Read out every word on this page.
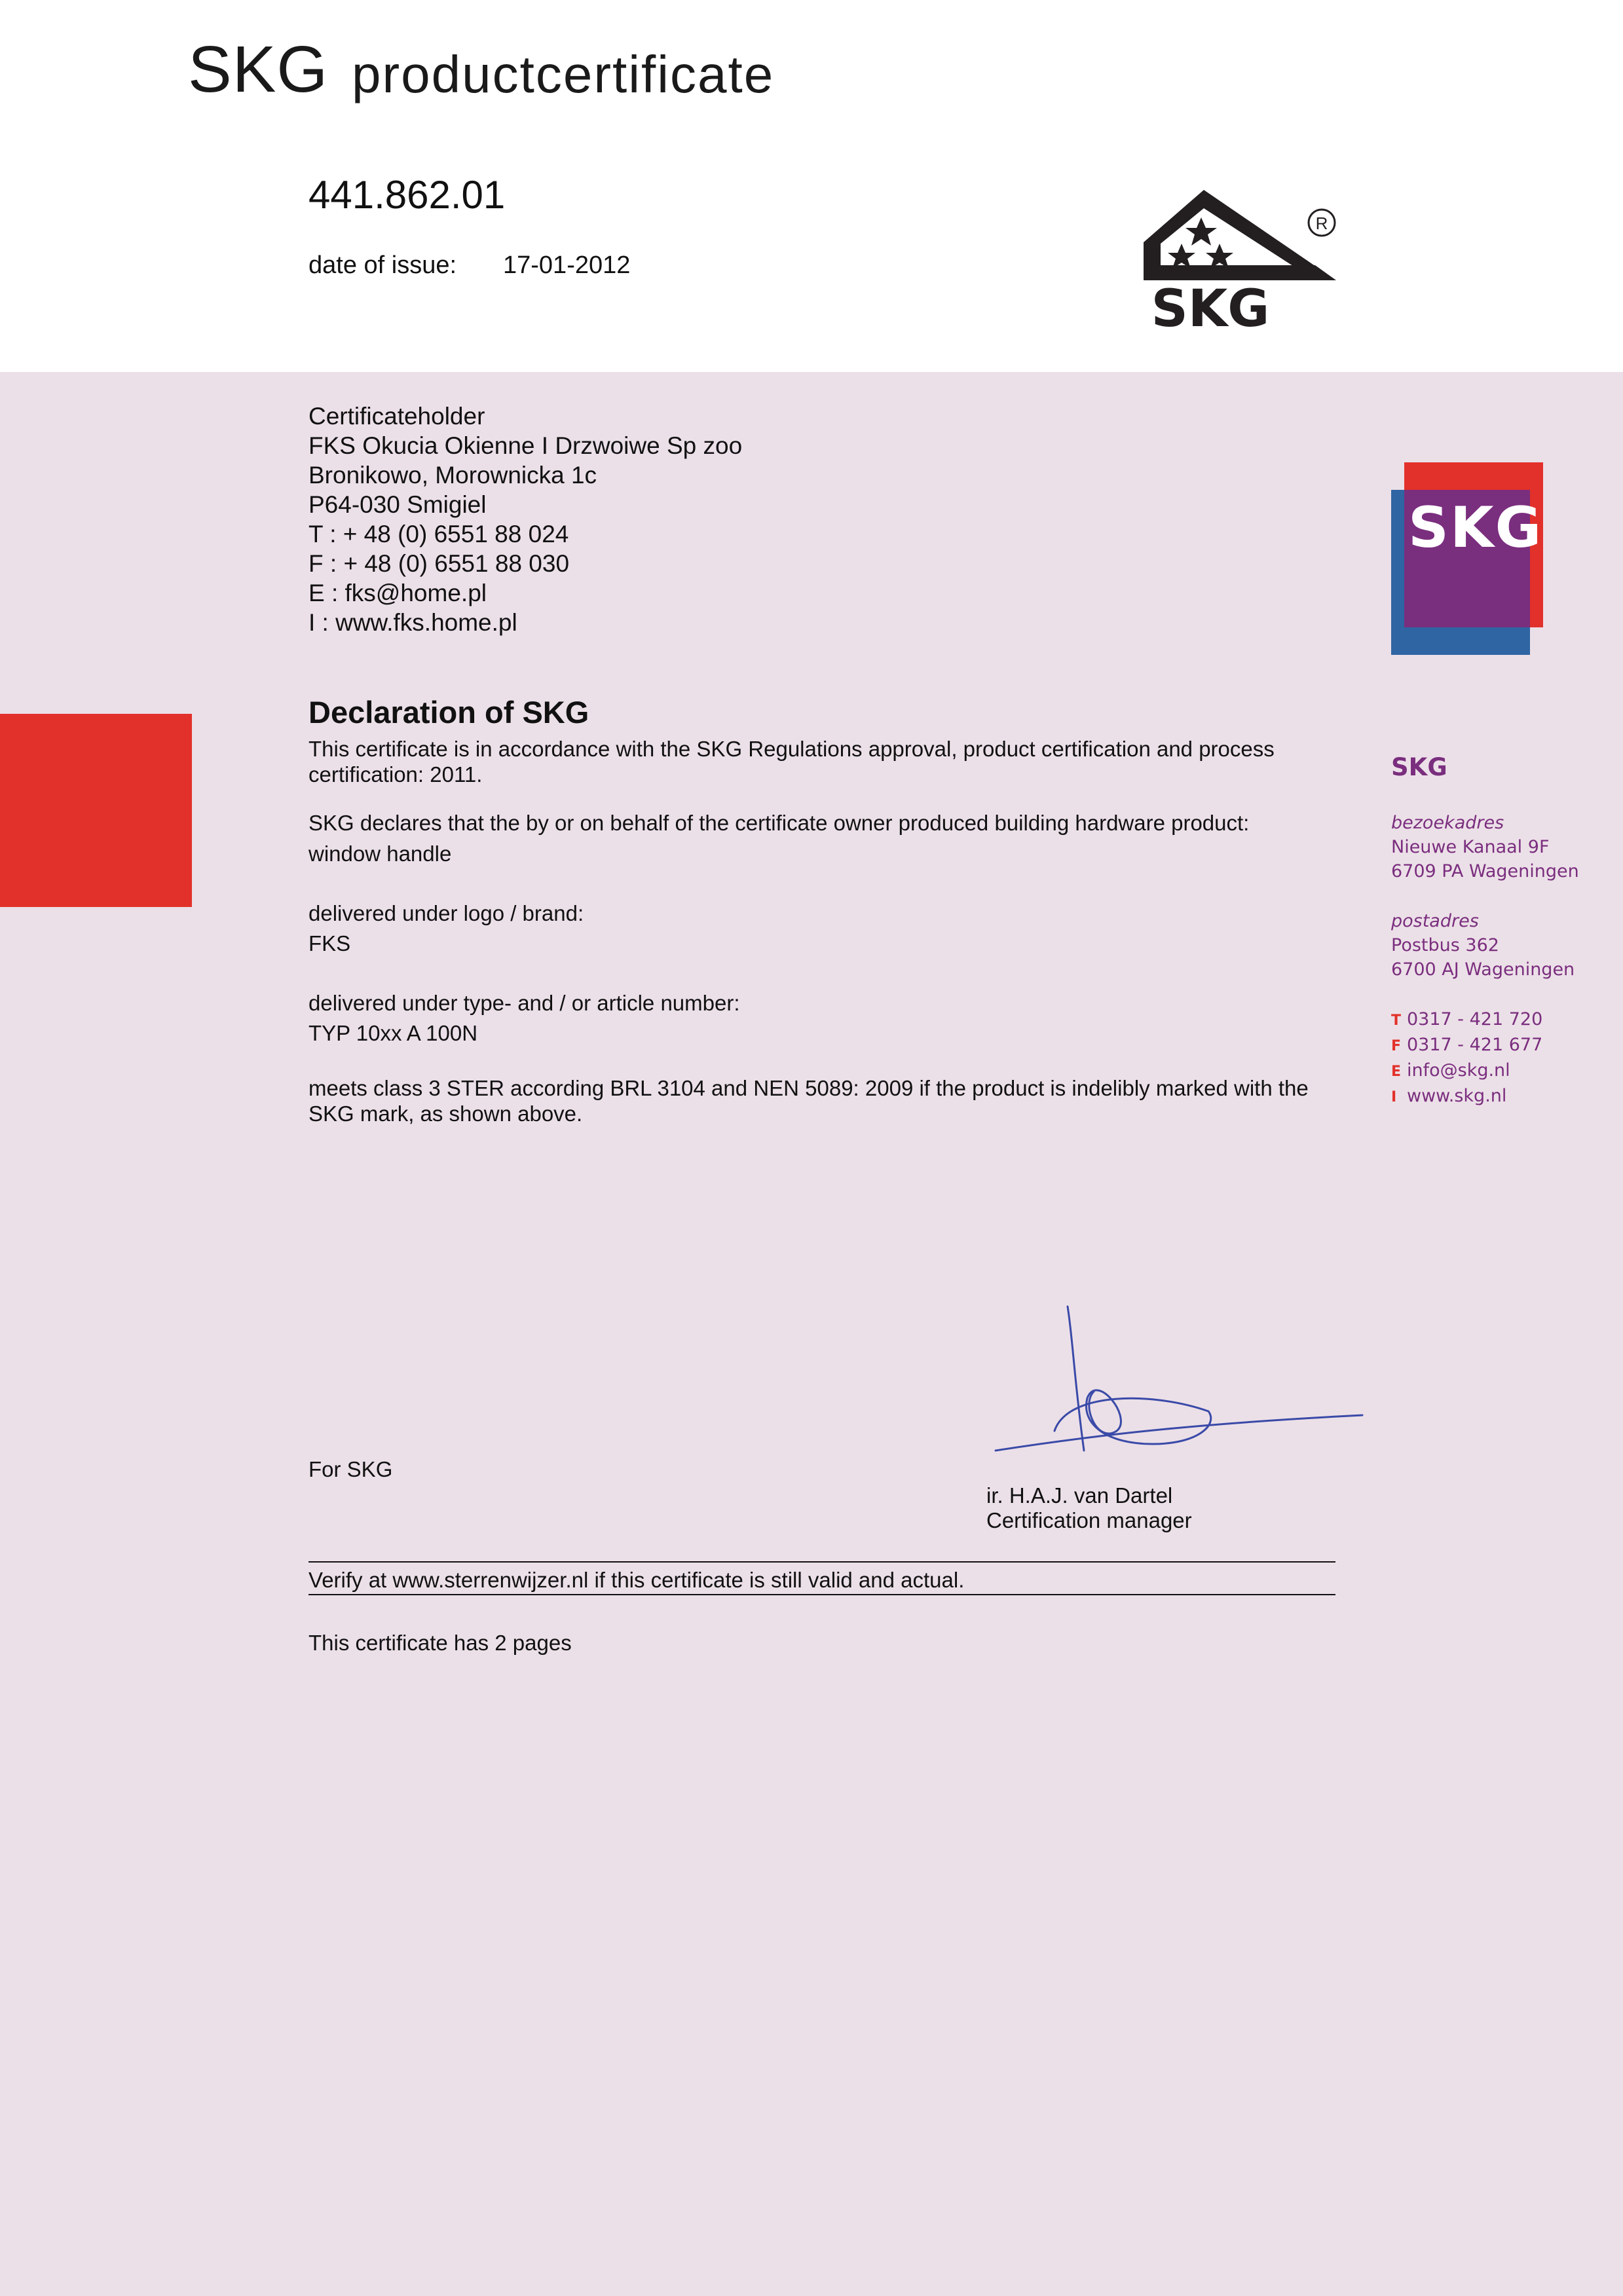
SKG productcertificate
441.862.01
date of issue: 17-01-2012
R
SKG
Certificateholder
FKS Okucia Okienne I Drzwoiwe Sp zoo
Bronikowo, Morownicka 1c
P64-030 Smigiel
T : + 48 (0) 6551 88 024
F : + 48 (0) 6551 88 030
E : fks@home.pl
I : www.fks.home.pl
SKG
SKG
bezoekadres
Nieuwe Kanaal 9F
6709 PA Wageningen
postadres
Postbus 362
6700 AJ Wageningen
T 0317 - 421 720
F 0317 - 421 677
E info@skg.nl
I www.skg.nl
Declaration of SKG
This certificate is in accordance with the SKG Regulations approval, product certification and process certification: 2011.
SKG declares that the by or on behalf of the certificate owner produced building hardware product:
window handle
delivered under logo / brand:
FKS
delivered under type- and / or article number:
TYP 10xx A 100N
meets class 3 STER according BRL 3104 and NEN 5089: 2009 if the product is indelibly marked with the SKG mark, as shown above.
For SKG
ir. H.A.J. van Dartel
Certification manager
Verify at www.sterrenwijzer.nl if this certificate is still valid and actual.
This certificate has 2 pages
